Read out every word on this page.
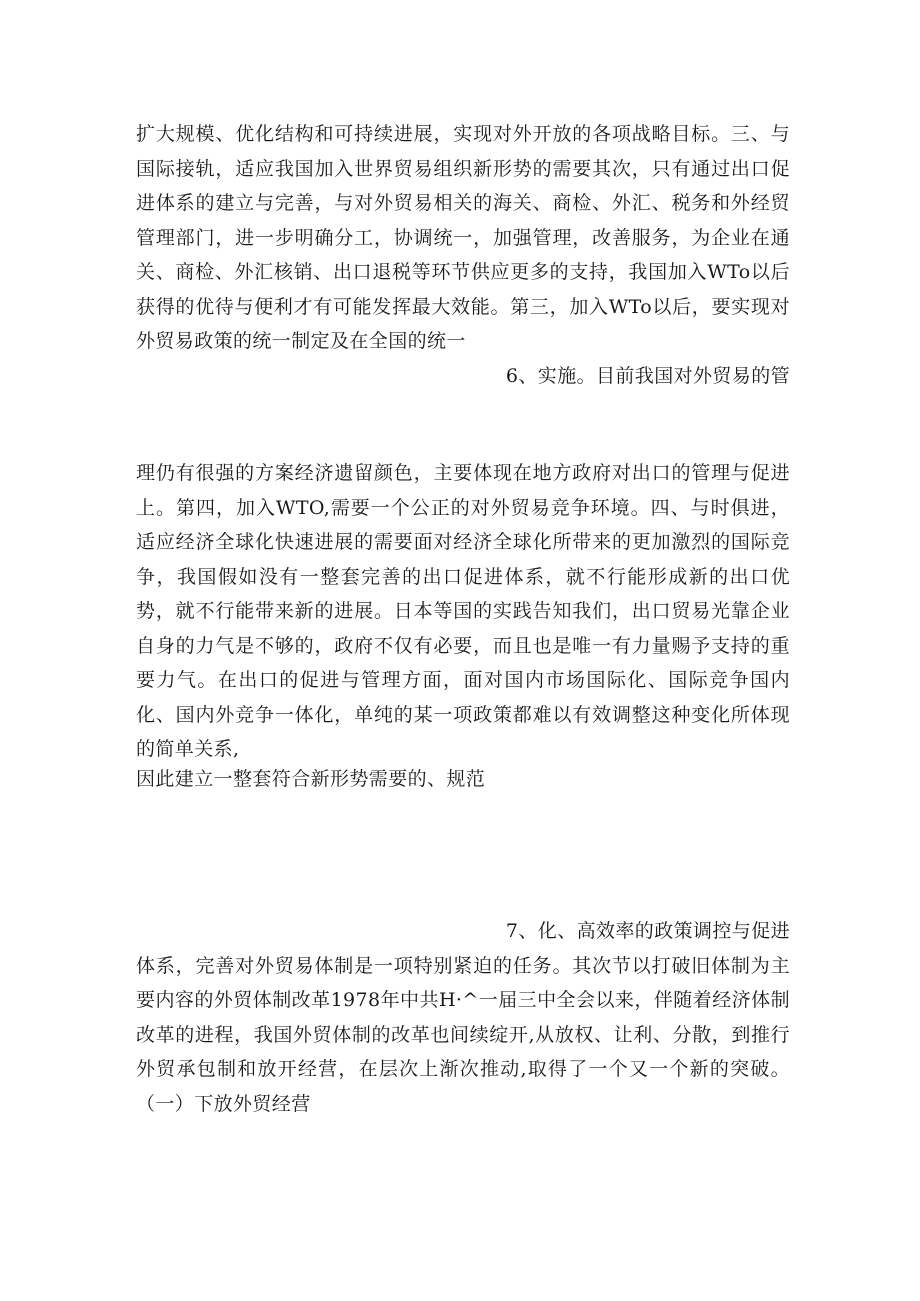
扩大规模、优化结构和可持续进展，实现对外开放的各项战略目标。三、与国际接轨，适应我国加入世界贸易组织新形势的需要其次，只有通过出口促进体系的建立与完善，与对外贸易相关的海关、商检、外汇、税务和外经贸管理部门，进一步明确分工，协调统一，加强管理，改善服务，为企业在通关、商检、外汇核销、出口退税等环节供应更多的支持，我国加入WTo以后获得的优待与便利才有可能发挥最大效能。第三，加入WTo以后，要实现对外贸易政策的统一制定及在全国的统一

6、实施。目前我国对外贸易的管

理仍有很强的方案经济遗留颜色，主要体现在地方政府对出口的管理与促进上。第四，加入WTO,需要一个公正的对外贸易竞争环境。四、与时俱进，适应经济全球化快速进展的需要面对经济全球化所带来的更加激烈的国际竞争，我国假如没有一整套完善的出口促进体系，就不行能形成新的出口优势，就不行能带来新的进展。日本等国的实践告知我们，出口贸易光靠企业自身的力气是不够的，政府不仅有必要，而且也是唯一有力量赐予支持的重要力气。在出口的促进与管理方面，面对国内市场国际化、国际竞争国内化、国内外竞争一体化，单纯的某一项政策都难以有效调整这种变化所体现的简单关系,

因此建立一整套符合新形势需要的、规范

7、化、高效率的政策调控与促进

体系，完善对外贸易体制是一项特别紧迫的任务。其次节以打破旧体制为主要内容的外贸体制改革1978年中共H·^一届三中全会以来，伴随着经济体制改革的进程，我国外贸体制的改革也间续绽开,从放权、让利、分散，到推行外贸承包制和放开经营，在层次上渐次推动,取得了一个又一个新的突破。（一）下放外贸经营
